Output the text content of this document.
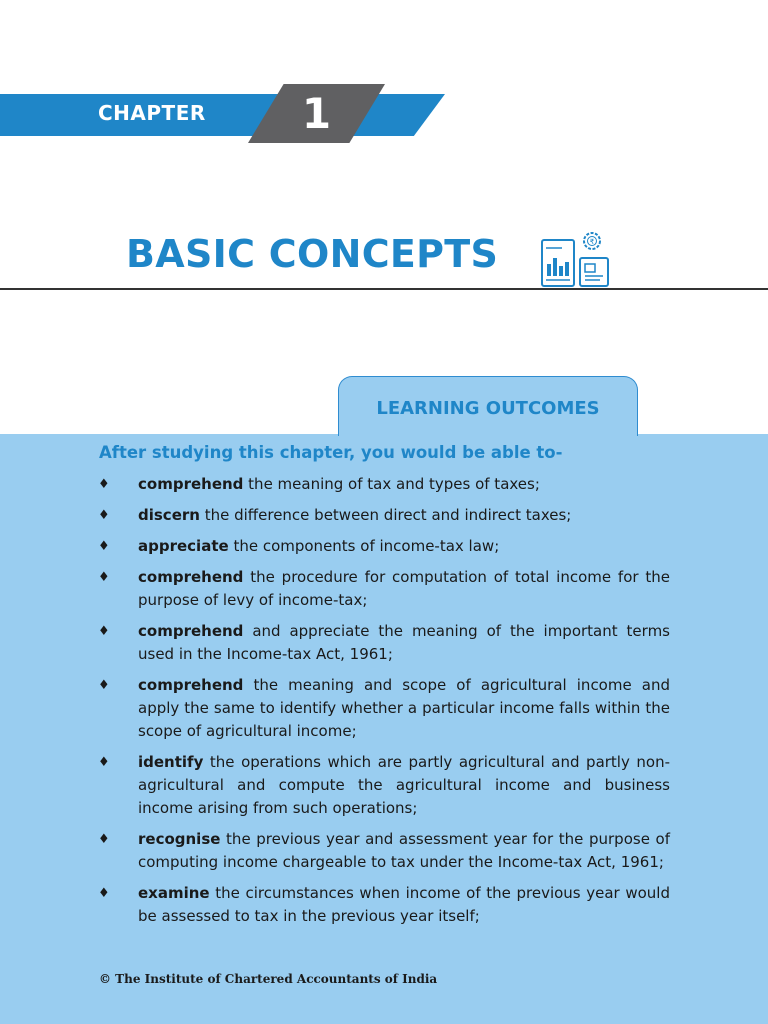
CHAPTER	1
BASIC CONCEPTS	₹
LEARNING OUTCOMES
After studying this chapter, you would be able to-
♦ comprehend the meaning of tax and types of taxes;
♦ discern the difference between direct and indirect taxes;
♦ appreciate the components of income-tax law;
♦ comprehend the procedure for computation of total income for the purpose of levy of income-tax;
♦ comprehend and appreciate the meaning of the important terms used in the Income-tax Act, 1961;
♦ comprehend the meaning and scope of agricultural income and apply the same to identify whether a particular income falls within the scope of agricultural income;
♦ identify the operations which are partly agricultural and partly non-agricultural and compute the agricultural income and business income arising from such operations;
♦ recognise the previous year and assessment year for the purpose of computing income chargeable to tax under the Income-tax Act, 1961;
♦ examine the circumstances when income of the previous year would be assessed to tax in the previous year itself;
© The Institute of Chartered Accountants of India
